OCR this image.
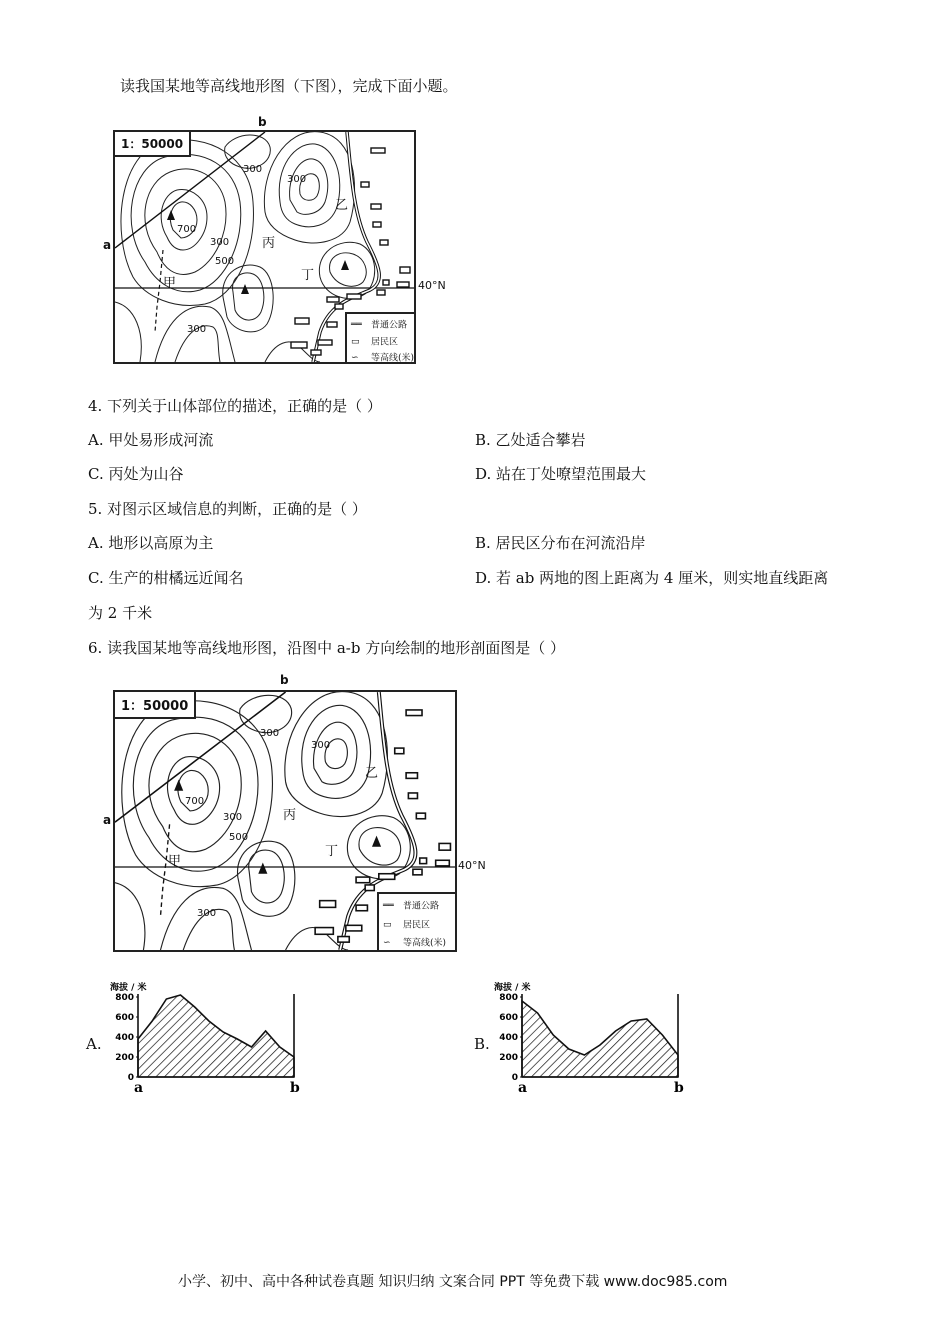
读我国某地等高线地形图（下图），完成下面小题。
1：50000
甲
乙
丙
丁
700
500
300
300
300
300	══ 普通公路
▭ 居民区
∽ 等高线(米)
b
a
40°N
4. 下列关于山体部位的描述，正确的是（ ）
A. 甲处易形成河流	B. 乙处适合攀岩
C. 丙处为山谷	D. 站在丁处嘹望范围最大
5. 对图示区域信息的判断，正确的是（ ）
A. 地形以高原为主	B. 居民区分布在河流沿岸
C. 生产的柑橘远近闻名	D. 若 ab 两地的图上距离为 4 厘米，则实地直线距离
为 2 千米
6. 读我国某地等高线地形图，沿图中 a-b 方向绘制的地形剖面图是（ ）
1：50000
甲
乙
丙
丁
700
500
300
300
300
300
══ 普通公路
▭ 居民区
∽ 等高线(米)
b
a
40°N
A.	B.
海拔 / 米
800
600
400
200
0
a	b
海拔 / 米
800
600
400
200
0
a	b
小学、初中、高中各种试卷真题 知识归纳 文案合同 PPT 等免费下载 www.doc985.com
